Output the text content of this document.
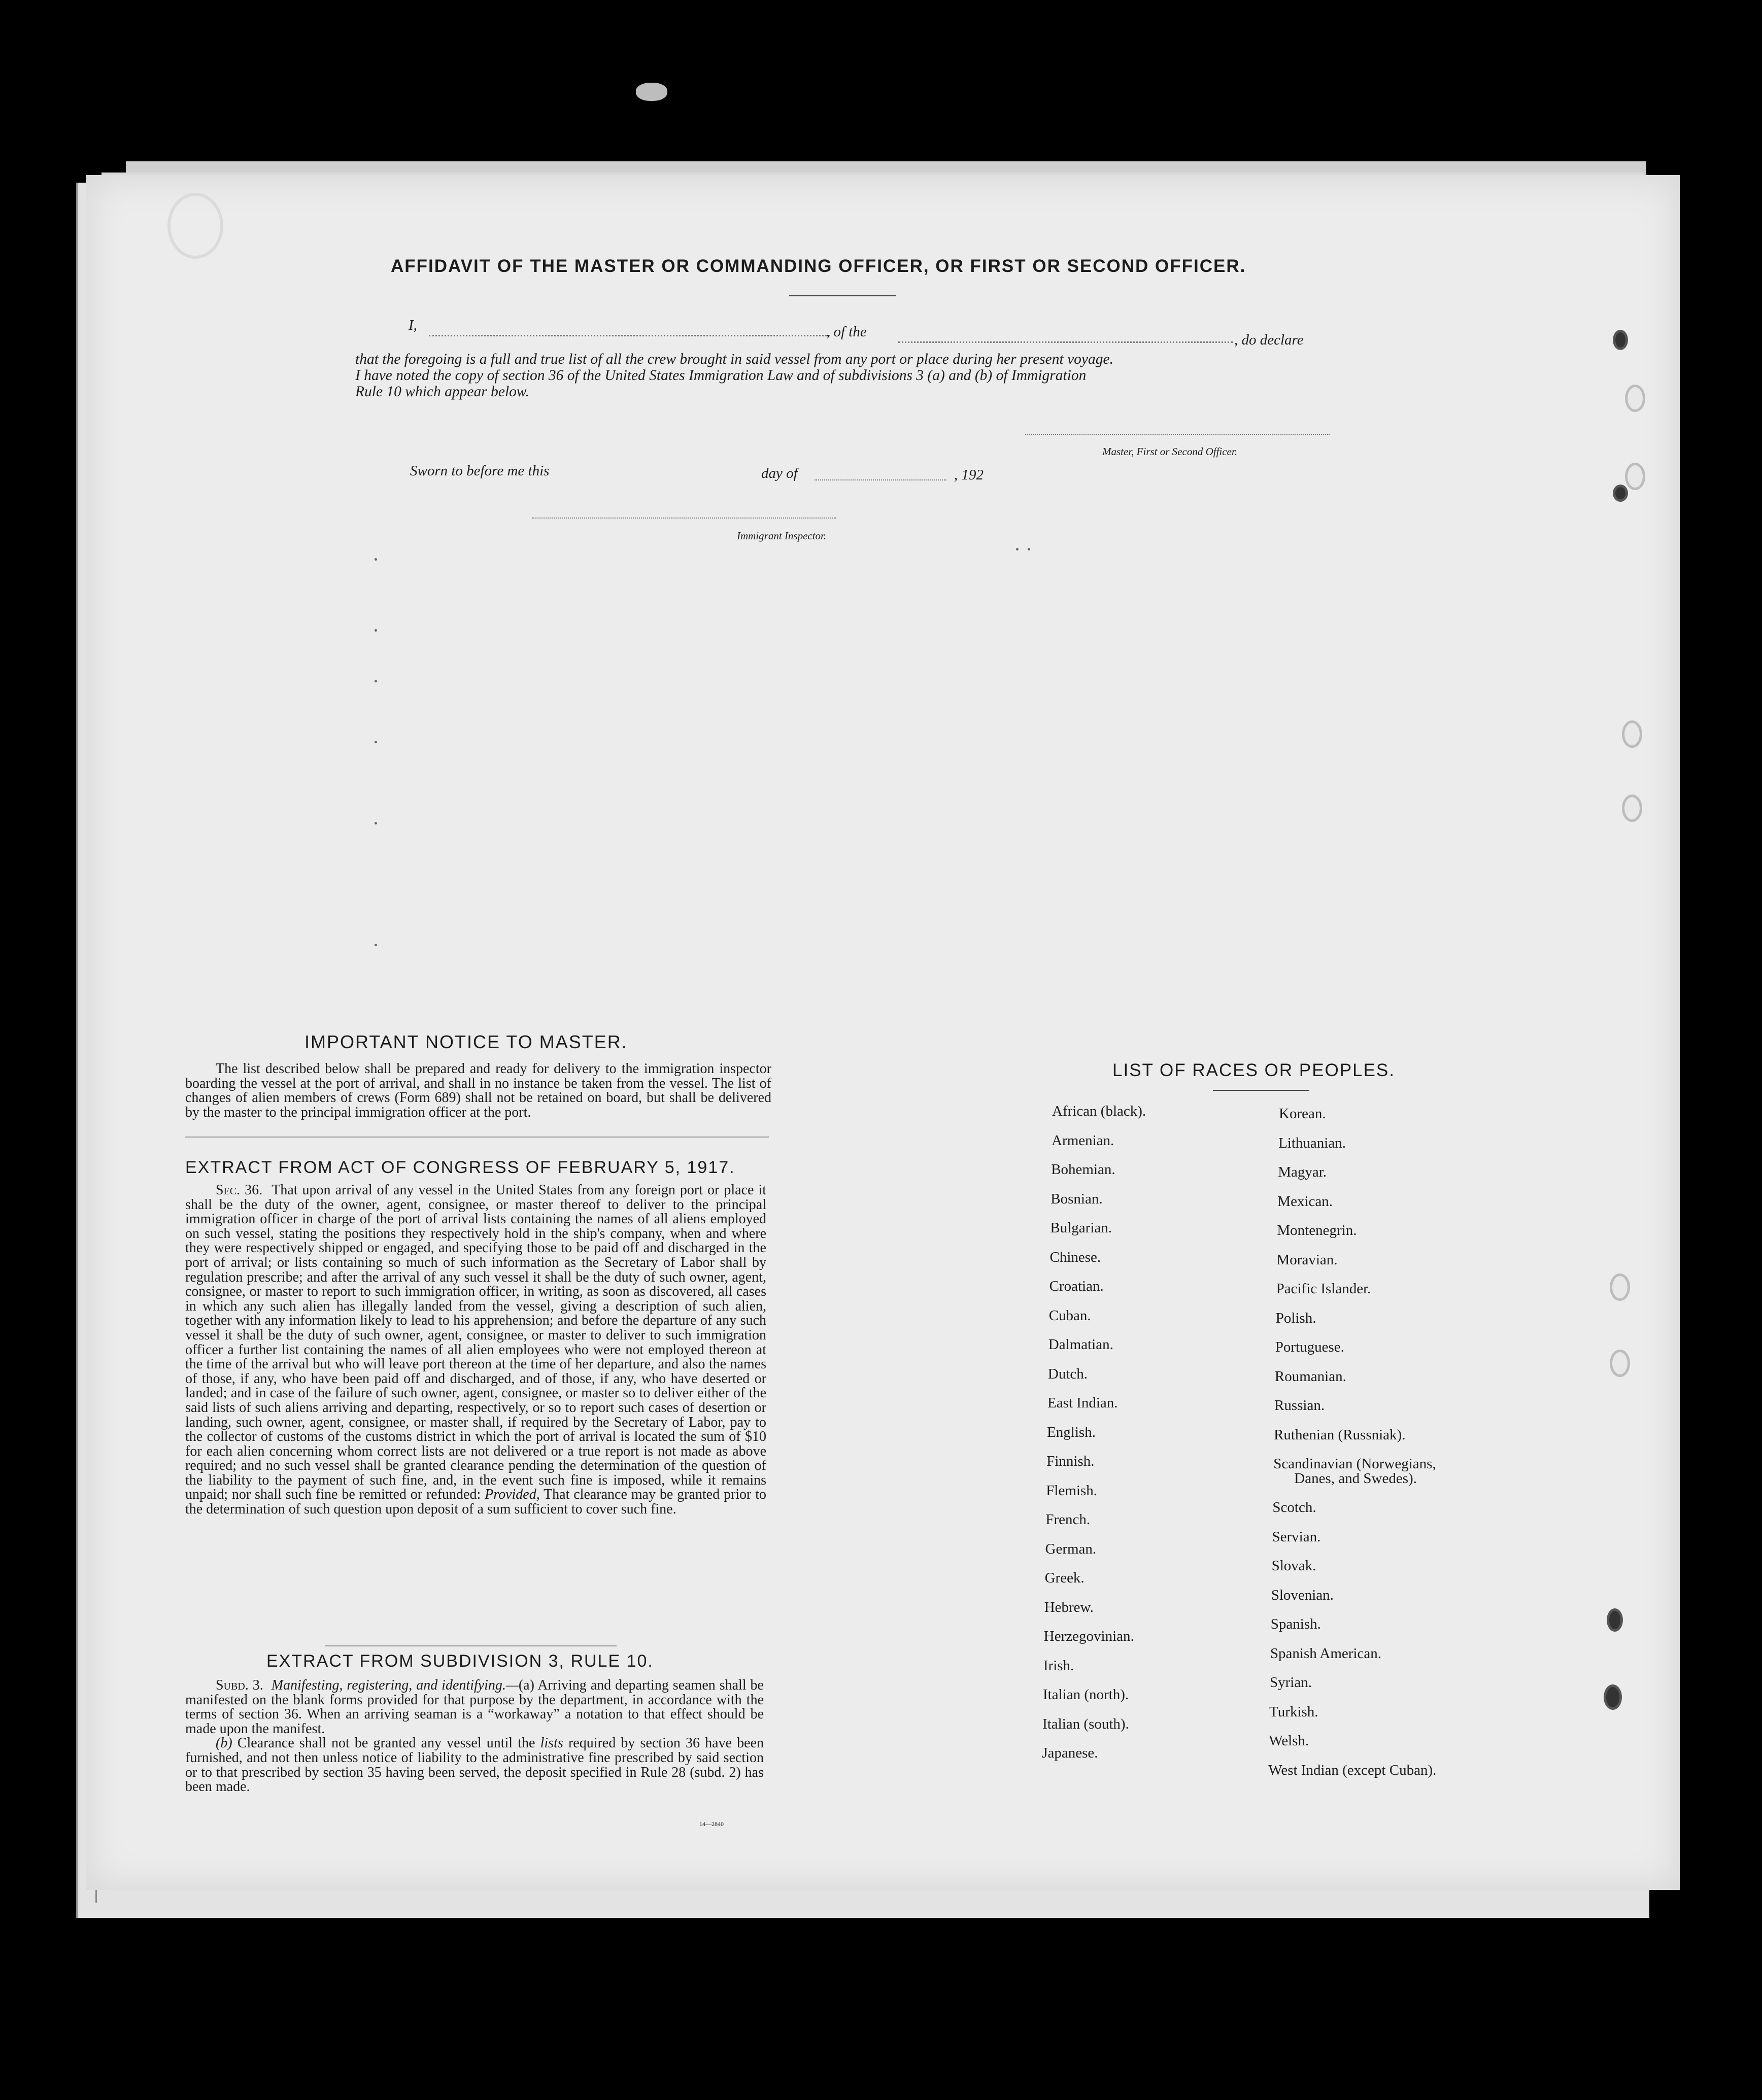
AFFIDAVIT OF THE MASTER OR COMMANDING OFFICER, OR FIRST OR SECOND OFFICER.
I,	, of the	, do declare
that the foregoing is a full and true list of all the crew brought in said vessel from any port or place during her present voyage.
I have noted the copy of section 36 of the United States Immigration Law and of subdivisions 3 (a) and (b) of Immigration
Rule 10 which appear below.
Master, First or Second Officer.
Sworn to before me this	day of	, 192
Immigrant Inspector.
IMPORTANT NOTICE TO MASTER.

The list described below shall be prepared and ready for delivery to the immigration inspector boarding the vessel at the port of arrival, and shall in no instance be taken from the vessel. The list of changes of alien members of crews (Form 689) shall not be retained on board, but shall be delivered by the master to the principal immigration officer at the port.

EXTRACT FROM ACT OF CONGRESS OF FEBRUARY 5, 1917.

Sec. 36. That upon arrival of any vessel in the United States from any foreign port or place it shall be the duty of the owner, agent, consignee, or master thereof to deliver to the principal immigration officer in charge of the port of arrival lists containing the names of all aliens employed on such vessel, stating the positions they respectively hold in the ship's company, when and where they were respectively shipped or engaged, and specifying those to be paid off and discharged in the port of arrival; or lists containing so much of such information as the Secretary of Labor shall by regulation prescribe; and after the arrival of any such vessel it shall be the duty of such owner, agent, consignee, or master to report to such immigration officer, in writing, as soon as discovered, all cases in which any such alien has illegally landed from the vessel, giving a description of such alien, together with any information likely to lead to his apprehension; and before the departure of any such vessel it shall be the duty of such owner, agent, consignee, or master to deliver to such immigration officer a further list containing the names of all alien employees who were not employed thereon at the time of the arrival but who will leave port thereon at the time of her departure, and also the names of those, if any, who have been paid off and discharged, and of those, if any, who have deserted or landed; and in case of the failure of such owner, agent, consignee, or master so to deliver either of the said lists of such aliens arriving and departing, respectively, or so to report such cases of desertion or landing, such owner, agent, consignee, or master shall, if required by the Secretary of Labor, pay to the collector of customs of the customs district in which the port of arrival is located the sum of $10 for each alien concerning whom correct lists are not delivered or a true report is not made as above required; and no such vessel shall be granted clearance pending the determination of the question of the liability to the payment of such fine, and, in the event such fine is imposed, while it remains unpaid; nor shall such fine be remitted or refunded: Provided, That clearance may be granted prior to the determination of such question upon deposit of a sum sufficient to cover such fine.

EXTRACT FROM SUBDIVISION 3, RULE 10.

Subd. 3. Manifesting, registering, and identifying.—(a) Arriving and departing seamen shall be manifested on the blank forms provided for that purpose by the department, in accordance with the terms of section 36. When an arriving seaman is a “workaway” a notation to that effect should be made upon the manifest.

(b) Clearance shall not be granted any vessel until the lists required by section 36 have been furnished, and not then unless notice of liability to the administrative fine prescribed by said section or to that prescribed by section 35 having been served, the deposit specified in Rule 28 (subd. 2) has been made.

14—2840
LIST OF RACES OR PEOPLES.
African (black).
Armenian.
Bohemian.
Bosnian.
Bulgarian.
Chinese.
Croatian.
Cuban.
Dalmatian.
Dutch.
East Indian.
English.
Finnish.
Flemish.
French.
German.
Greek.
Hebrew.
Herzegovinian.
Irish.
Italian (north).
Italian (south).
Japanese.
Korean.
Lithuanian.
Magyar.
Mexican.
Montenegrin.
Moravian.
Pacific Islander.
Polish.
Portuguese.
Roumanian.
Russian.
Ruthenian (Russniak).
Scandinavian (Norwegians,
Danes, and Swedes).
Scotch.
Servian.
Slovak.
Slovenian.
Spanish.
Spanish American.
Syrian.
Turkish.
Welsh.
West Indian (except Cuban).
